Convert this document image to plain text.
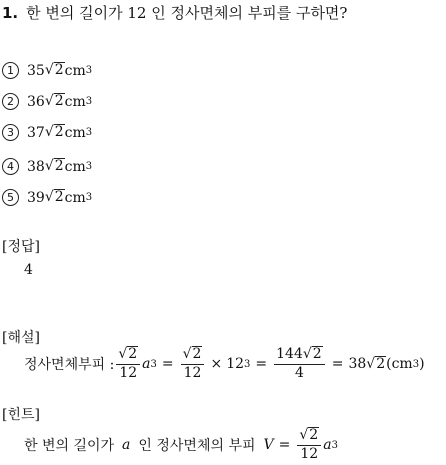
1. 한 변의 길이가 12 인 정사면체의 부피를 구하면?
1 35 √ 2 cm 3
2 36 √ 2 cm 3
3 37 √ 2 cm 3
4 38 √ 2 cm 3
5 39 √ 2 cm 3
[정답]
4
[해설]
정사면체부피 : $\frac{√ 2}{12}$ a $3 = \frac{√ 2}{12} \times 12$ $3 = \frac{144 √ 2}{4} = 38$ √ 2 (cm 3 )
[힌트]
한 변의 길이가 a 인 정사면체의 부피 $V = \frac{√ 2}{12}$ a 3
